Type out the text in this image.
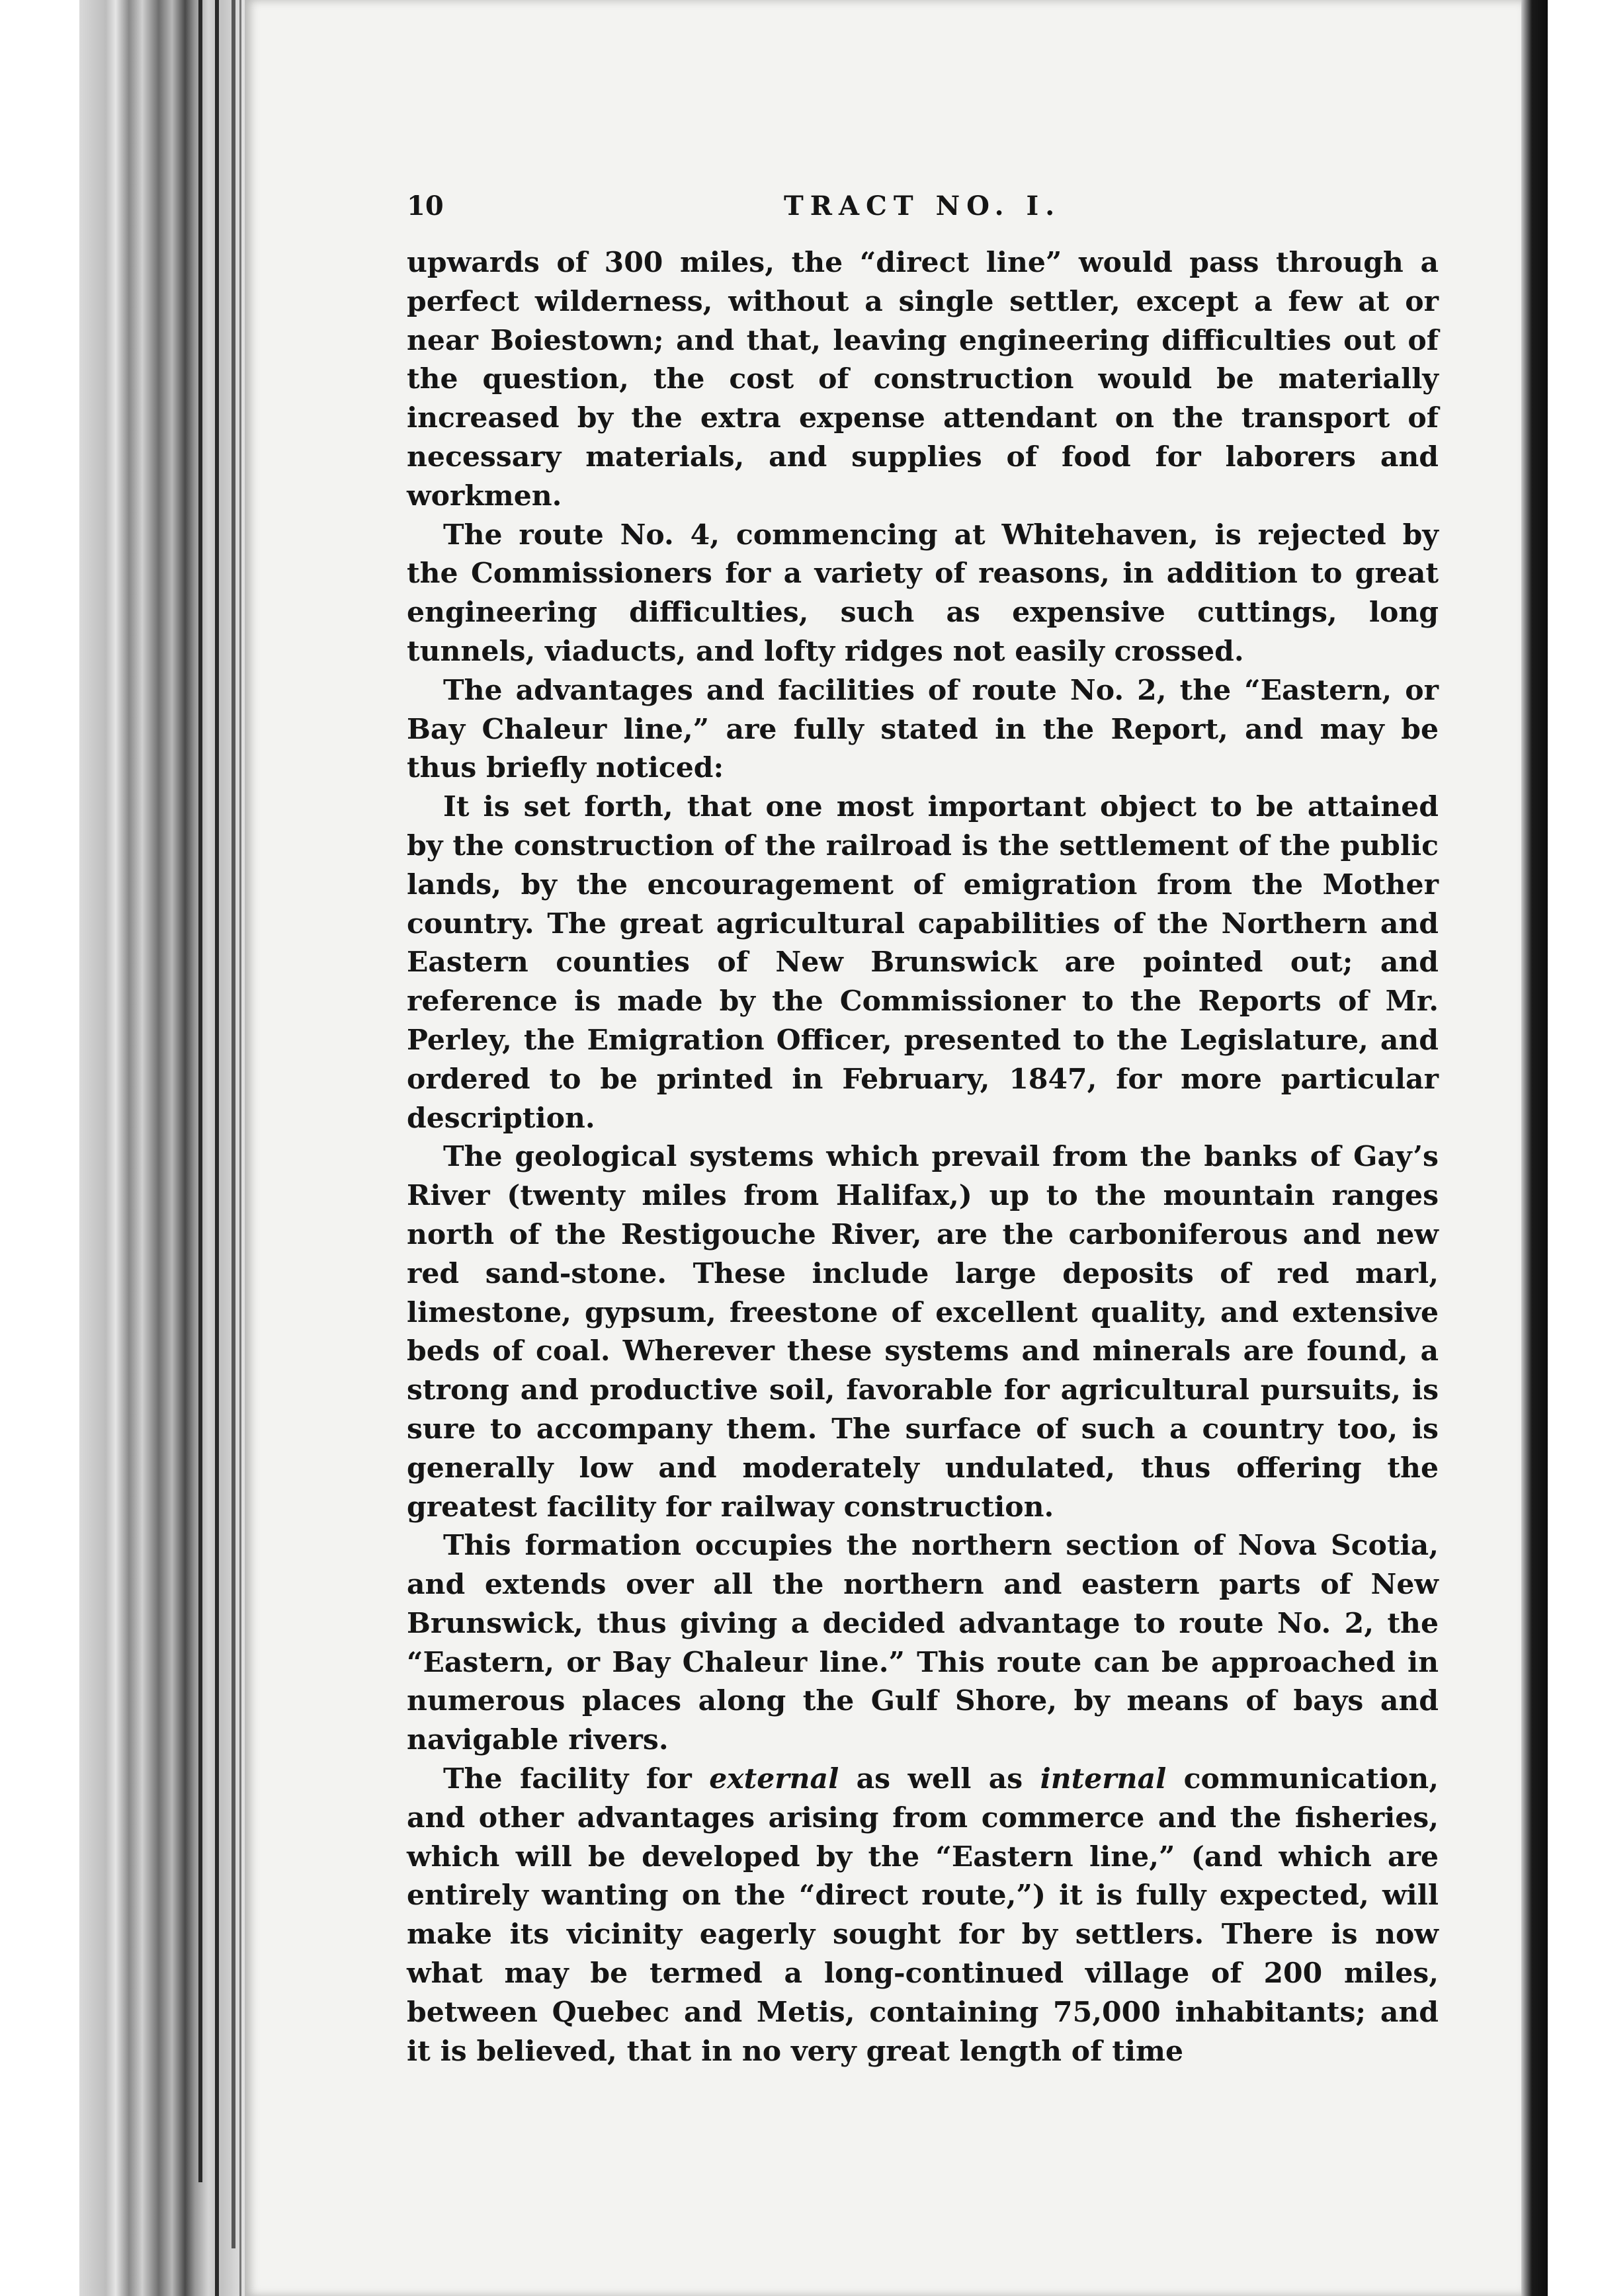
10	TRACT NO. I.

upwards of 300 miles, the “direct line” would pass through a perfect wilderness, without a single settler, except a few at or near Boiestown; and that, leaving engineering difficulties out of the question, the cost of construction would be materially increased by the extra expense attendant on the transport of necessary materials, and supplies of food for laborers and workmen.

The route No. 4, commencing at Whitehaven, is rejected by the Commissioners for a variety of reasons, in addition to great engineering difficulties, such as expensive cuttings, long tunnels, viaducts, and lofty ridges not easily crossed.

The advantages and facilities of route No. 2, the “Eastern, or Bay Chaleur line,” are fully stated in the Report, and may be thus briefly noticed:

It is set forth, that one most important object to be attained by the construction of the railroad is the settlement of the public lands, by the encouragement of emigration from the Mother country. The great agricultural capabilities of the Northern and Eastern counties of New Brunswick are pointed out; and reference is made by the Commissioner to the Reports of Mr. Perley, the Emigration Officer, presented to the Legislature, and ordered to be printed in February, 1847, for more particular description.

The geological systems which prevail from the banks of Gay’s River (twenty miles from Halifax,) up to the mountain ranges north of the Restigouche River, are the carboniferous and new red sand-stone. These include large deposits of red marl, limestone, gypsum, freestone of excellent quality, and extensive beds of coal. Wherever these systems and minerals are found, a strong and productive soil, favorable for agricultural pursuits, is sure to accompany them. The surface of such a country too, is generally low and moderately undulated, thus offering the greatest facility for railway construction.

This formation occupies the northern section of Nova Scotia, and extends over all the northern and eastern parts of New Brunswick, thus giving a decided advantage to route No. 2, the “Eastern, or Bay Chaleur line.” This route can be approached in numerous places along the Gulf Shore, by means of bays and navigable rivers.

The facility for external as well as internal communication, and other advantages arising from commerce and the fisheries, which will be developed by the “Eastern line,” (and which are entirely wanting on the “direct route,”) it is fully expected, will make its vicinity eagerly sought for by settlers. There is now what may be termed a long-continued village of 200 miles, between Quebec and Metis, containing 75,000 inhabitants; and it is believed, that in no very great length of time
